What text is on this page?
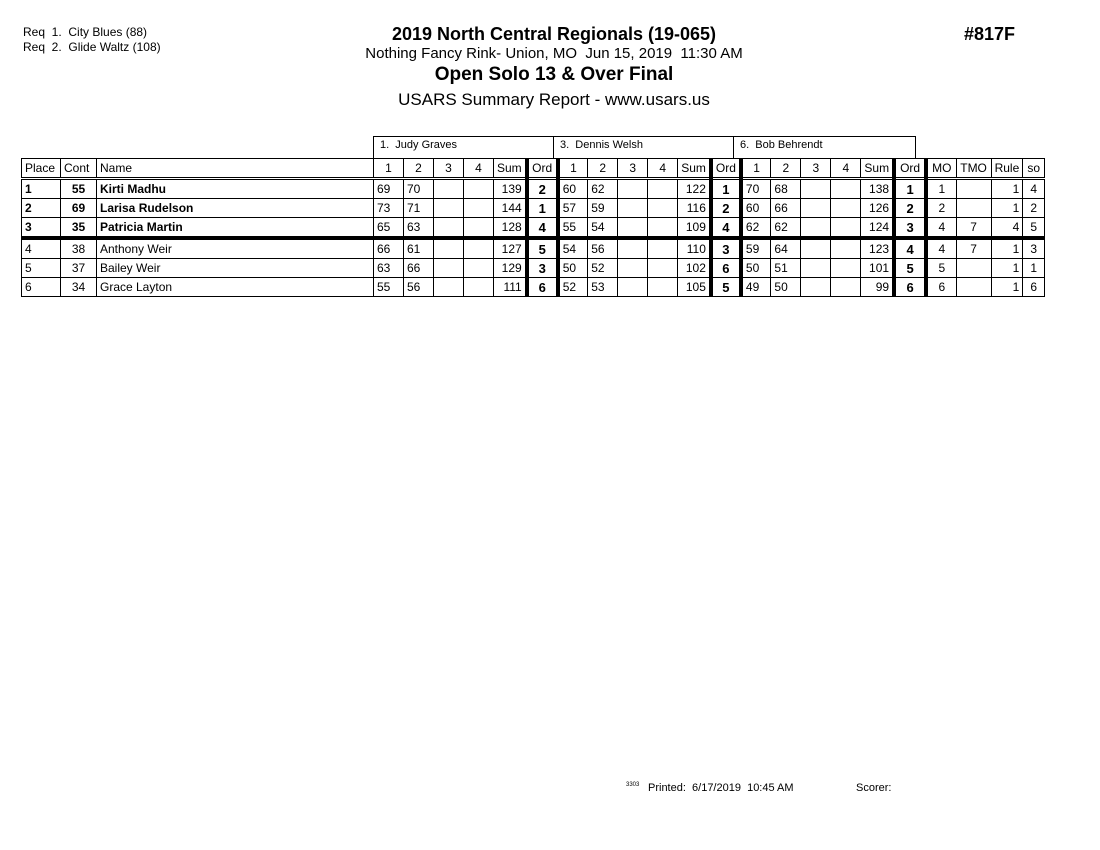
Req  1.  City Blues (88)
Req  2.  Glide Waltz (108)
2019 North Central Regionals (19-065)
Nothing Fancy Rink- Union, MO  Jun 15, 2019  11:30 AM
Open Solo 13 & Over Final
USARS Summary Report - www.usars.us
#817F
1.  Judy Graves	3.  Dennis Welsh	6.  Bob Behrendt
Place	Cont	Name	1	2	3	4	Sum	Ord	1	2	3	4	Sum	Ord	1	2	3	4	Sum	Ord	MO	TMO	Rule	so
1	55	Kirti Madhu	69	70			139	2	60	62			122	1	70	68			138	1	1		1	4
2	69	Larisa Rudelson	73	71			144	1	57	59			116	2	60	66			126	2	2		1	2
3	35	Patricia Martin	65	63			128	4	55	54			109	4	62	62			124	3	4	7	4	5
4	38	Anthony Weir	66	61			127	5	54	56			110	3	59	64			123	4	4	7	1	3
5	37	Bailey Weir	63	66			129	3	50	52			102	6	50	51			101	5	5		1	1
6	34	Grace Layton	55	56			111	6	52	53			105	5	49	50			99	6	6		1	6
$^{3303}$ Printed:  6/17/2019  10:45 AM	Scorer:
